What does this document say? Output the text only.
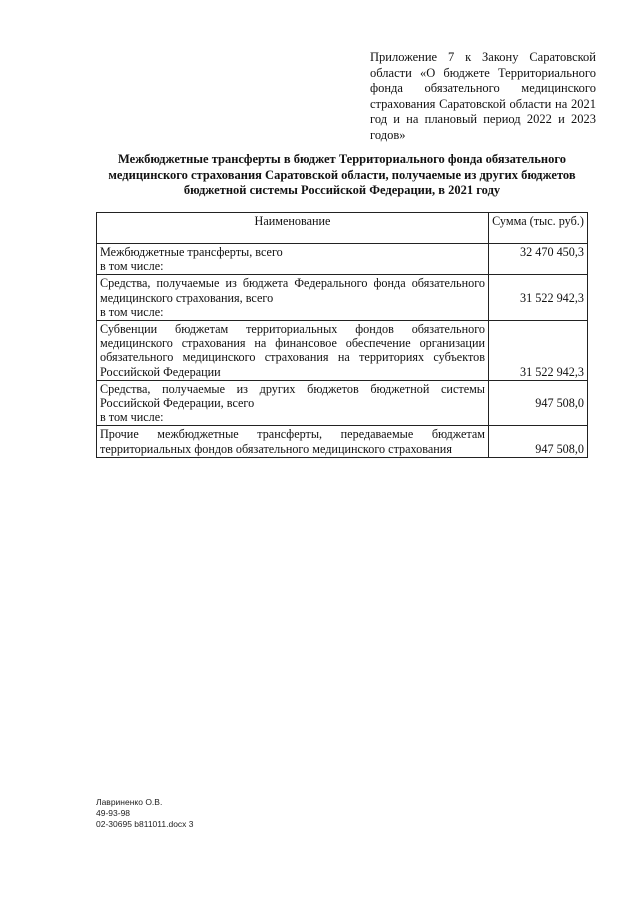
Приложение 7 к Закону Саратовской области «О бюджете Территориального фонда обязательного медицинского страхования Саратовской области на 2021 год и на плановый период 2022 и 2023 годов»
Межбюджетные трансферты в бюджет Территориального фонда обязательного медицинского страхования Саратовской области, получаемые из других бюджетов бюджетной системы Российской Федерации, в 2021 году
Наименование	Сумма (тыс. руб.)
Межбюджетные трансферты, всего
в том числе:	32 470 450,3
Средства, получаемые из бюджета Федерального фонда обязательного медицинского страхования, всего
в том числе:	31 522 942,3
Субвенции бюджетам территориальных фондов обязательного медицинского страхования на финансовое обеспечение организации обязательного медицинского страхования на территориях субъектов Российской Федерации	31 522 942,3
Средства, получаемые из других бюджетов бюджетной системы Российской Федерации, всего
в том числе:	947 508,0
Прочие межбюджетные трансферты, передаваемые бюджетам территориальных фондов обязательного медицинского страхования	947 508,0
Лавриненко О.В.
49-93-98
02-30695 b811011.docx 3
